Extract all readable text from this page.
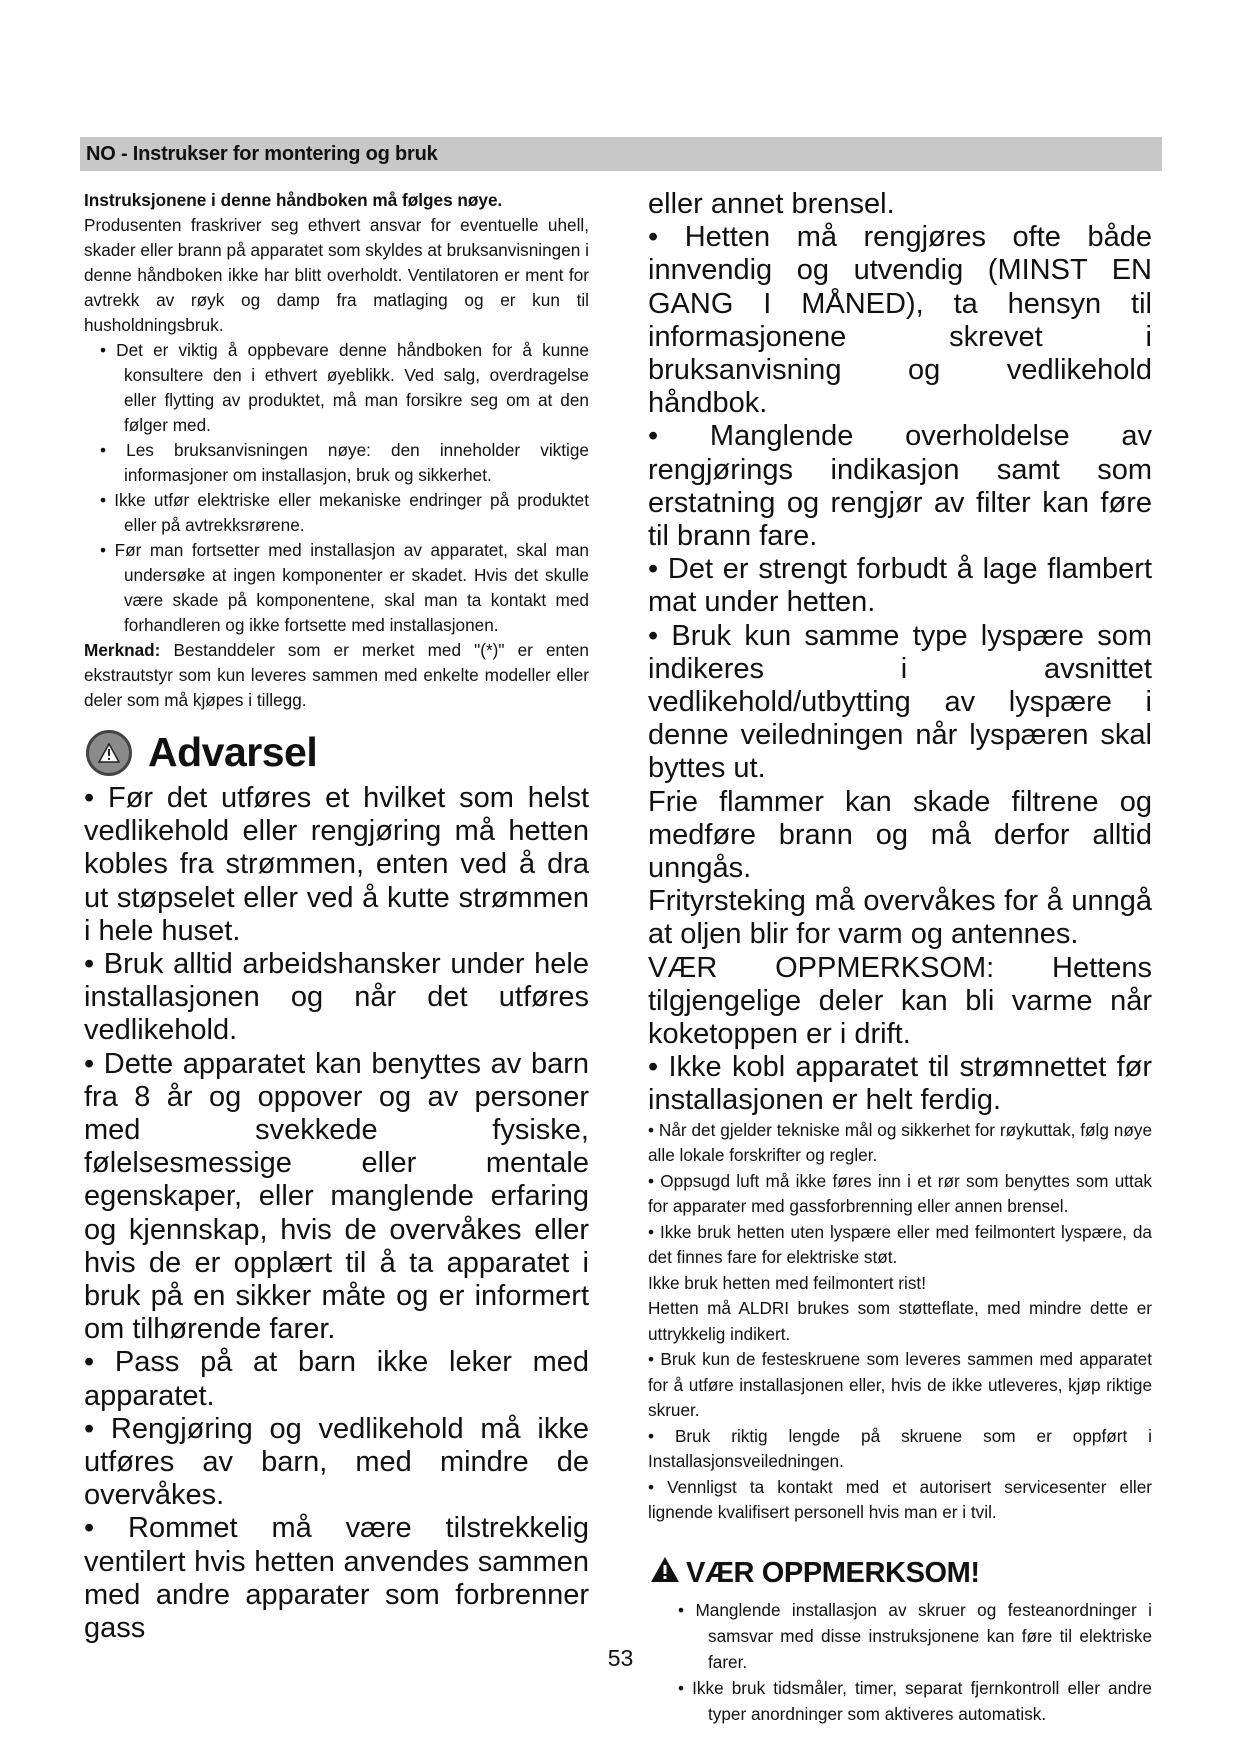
NO - Instrukser for montering og bruk

Instruksjonene i denne håndboken må følges nøye.
Produsenten fraskriver seg ethvert ansvar for eventuelle uhell, skader eller brann på apparatet som skyldes at bruksanvisningen i denne håndboken ikke har blitt overholdt. Ventilatoren er ment for avtrekk av røyk og damp fra matlaging og er kun til husholdningsbruk.

• Det er viktig å oppbevare denne håndboken for å kunne konsultere den i ethvert øyeblikk. Ved salg, overdragelse eller flytting av produktet, må man forsikre seg om at den følger med.

• Les bruksanvisningen nøye: den inneholder viktige informasjoner om installasjon, bruk og sikkerhet.

• Ikke utfør elektriske eller mekaniske endringer på produktet eller på avtrekksrørene.

• Før man fortsetter med installasjon av apparatet, skal man undersøke at ingen komponenter er skadet. Hvis det skulle være skade på komponentene, skal man ta kontakt med forhandleren og ikke fortsette med installasjonen.

Merknad: Bestanddeler som er merket med "(*)" er enten ekstrautstyr som kun leveres sammen med enkelte modeller eller deler som må kjøpes i tillegg.

Advarsel

• Før det utføres et hvilket som helst vedlikehold eller rengjøring må hetten kobles fra strømmen, enten ved å dra ut støpselet eller ved å kutte strømmen i hele huset.

• Bruk alltid arbeidshansker under hele installasjonen og når det utføres vedlikehold.

• Dette apparatet kan benyttes av barn fra 8 år og oppover og av personer med svekkede fysiske, følelsesmessige eller mentale egenskaper, eller manglende erfaring og kjennskap, hvis de overvåkes eller hvis de er opplært til å ta apparatet i bruk på en sikker måte og er informert om tilhørende farer.

• Pass på at barn ikke leker med apparatet.

• Rengjøring og vedlikehold må ikke utføres av barn, med mindre de overvåkes.

• Rommet må være tilstrekkelig ventilert hvis hetten anvendes sammen med andre apparater som forbrenner gass

eller annet brensel.

• Hetten må rengjøres ofte både innvendig og utvendig (MINST EN GANG I MÅNED), ta hensyn til informasjonene skrevet i bruksanvisning og vedlikehold håndbok.

• Manglende overholdelse av rengjørings indikasjon samt som erstatning og rengjør av filter kan føre til brann fare.

• Det er strengt forbudt å lage flambert mat under hetten.

• Bruk kun samme type lyspære som indikeres i avsnittet vedlikehold/utbytting av lyspære i denne veiledningen når lyspæren skal byttes ut.

Frie flammer kan skade filtrene og medføre brann og må derfor alltid unngås.

Frityrsteking må overvåkes for å unngå at oljen blir for varm og antennes.

VÆR OPPMERKSOM: Hettens tilgjengelige deler kan bli varme når koketoppen er i drift.

• Ikke kobl apparatet til strømnettet før installasjonen er helt ferdig.

• Når det gjelder tekniske mål og sikkerhet for røykuttak, følg nøye alle lokale forskrifter og regler.

• Oppsugd luft må ikke føres inn i et rør som benyttes som uttak for apparater med gassforbrenning eller annen brensel.

• Ikke bruk hetten uten lyspære eller med feilmontert lyspære, da det finnes fare for elektriske støt.

Ikke bruk hetten med feilmontert rist!

Hetten må ALDRI brukes som støtteflate, med mindre dette er uttrykkelig indikert.

• Bruk kun de festeskruene som leveres sammen med apparatet for å utføre installasjonen eller, hvis de ikke utleveres, kjøp riktige skruer.

• Bruk riktig lengde på skruene som er oppført i Installasjonsveiledningen.

• Vennligst ta kontakt med et autorisert servicesenter eller lignende kvalifisert personell hvis man er i tvil.

VÆR OPPMERKSOM!

• Manglende installasjon av skruer og festeanordninger i samsvar med disse instruksjonene kan føre til elektriske farer.

• Ikke bruk tidsmåler, timer, separat fjernkontroll eller andre typer anordninger som aktiveres automatisk.

53
